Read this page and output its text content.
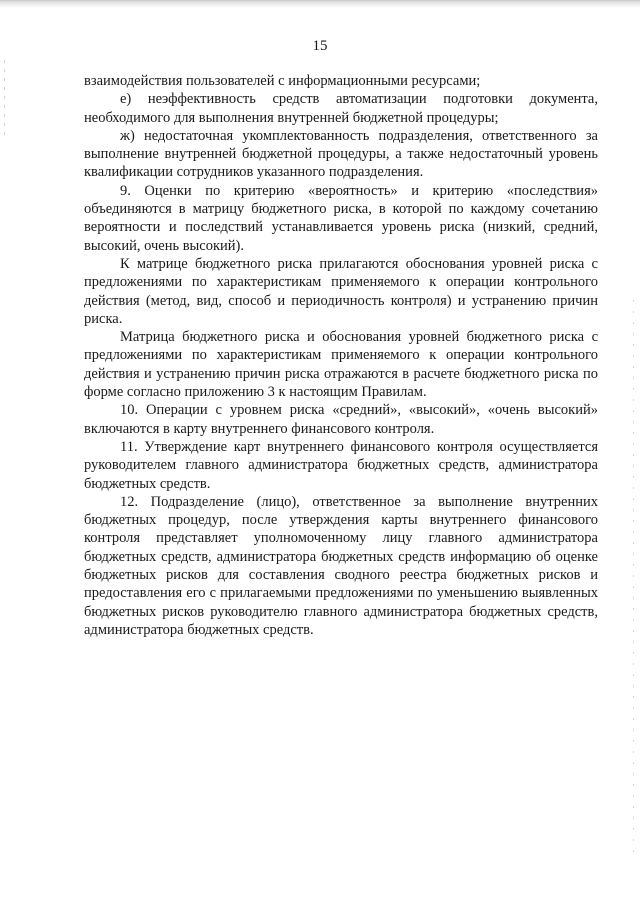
15

взаимодействия пользователей с информационными ресурсами;

е) неэффективность средств автоматизации подготовки документа, необходимого для выполнения внутренней бюджетной процедуры;

ж) недостаточная укомплектованность подразделения, ответственного за выполнение внутренней бюджетной процедуры, а также недостаточный уровень квалификации сотрудников указанного подразделения.

9. Оценки по критерию «вероятность» и критерию «последствия» объединяются в матрицу бюджетного риска, в которой по каждому сочетанию вероятности и последствий устанавливается уровень риска (низкий, средний, высокий, очень высокий).

К матрице бюджетного риска прилагаются обоснования уровней риска с предложениями по характеристикам применяемого к операции контрольного действия (метод, вид, способ и периодичность контроля) и устранению причин риска.

Матрица бюджетного риска и обоснования уровней бюджетного риска с предложениями по характеристикам применяемого к операции контрольного действия и устранению причин риска отражаются в расчете бюджетного риска по форме согласно приложению 3 к настоящим Правилам.

10. Операции с уровнем риска «средний», «высокий», «очень высокий» включаются в карту внутреннего финансового контроля.

11. Утверждение карт внутреннего финансового контроля осуществляется руководителем главного администратора бюджетных средств, администратора бюджетных средств.

12. Подразделение (лицо), ответственное за выполнение внутренних бюджетных процедур, после утверждения карты внутреннего финансового контроля представляет уполномоченному лицу главного администратора бюджетных средств, администратора бюджетных средств информацию об оценке бюджетных рисков для составления сводного реестра бюджетных рисков и предоставления его с прилагаемыми предложениями по уменьшению выявленных бюджетных рисков руководителю главного администратора бюджетных средств, администратора бюджетных средств.
